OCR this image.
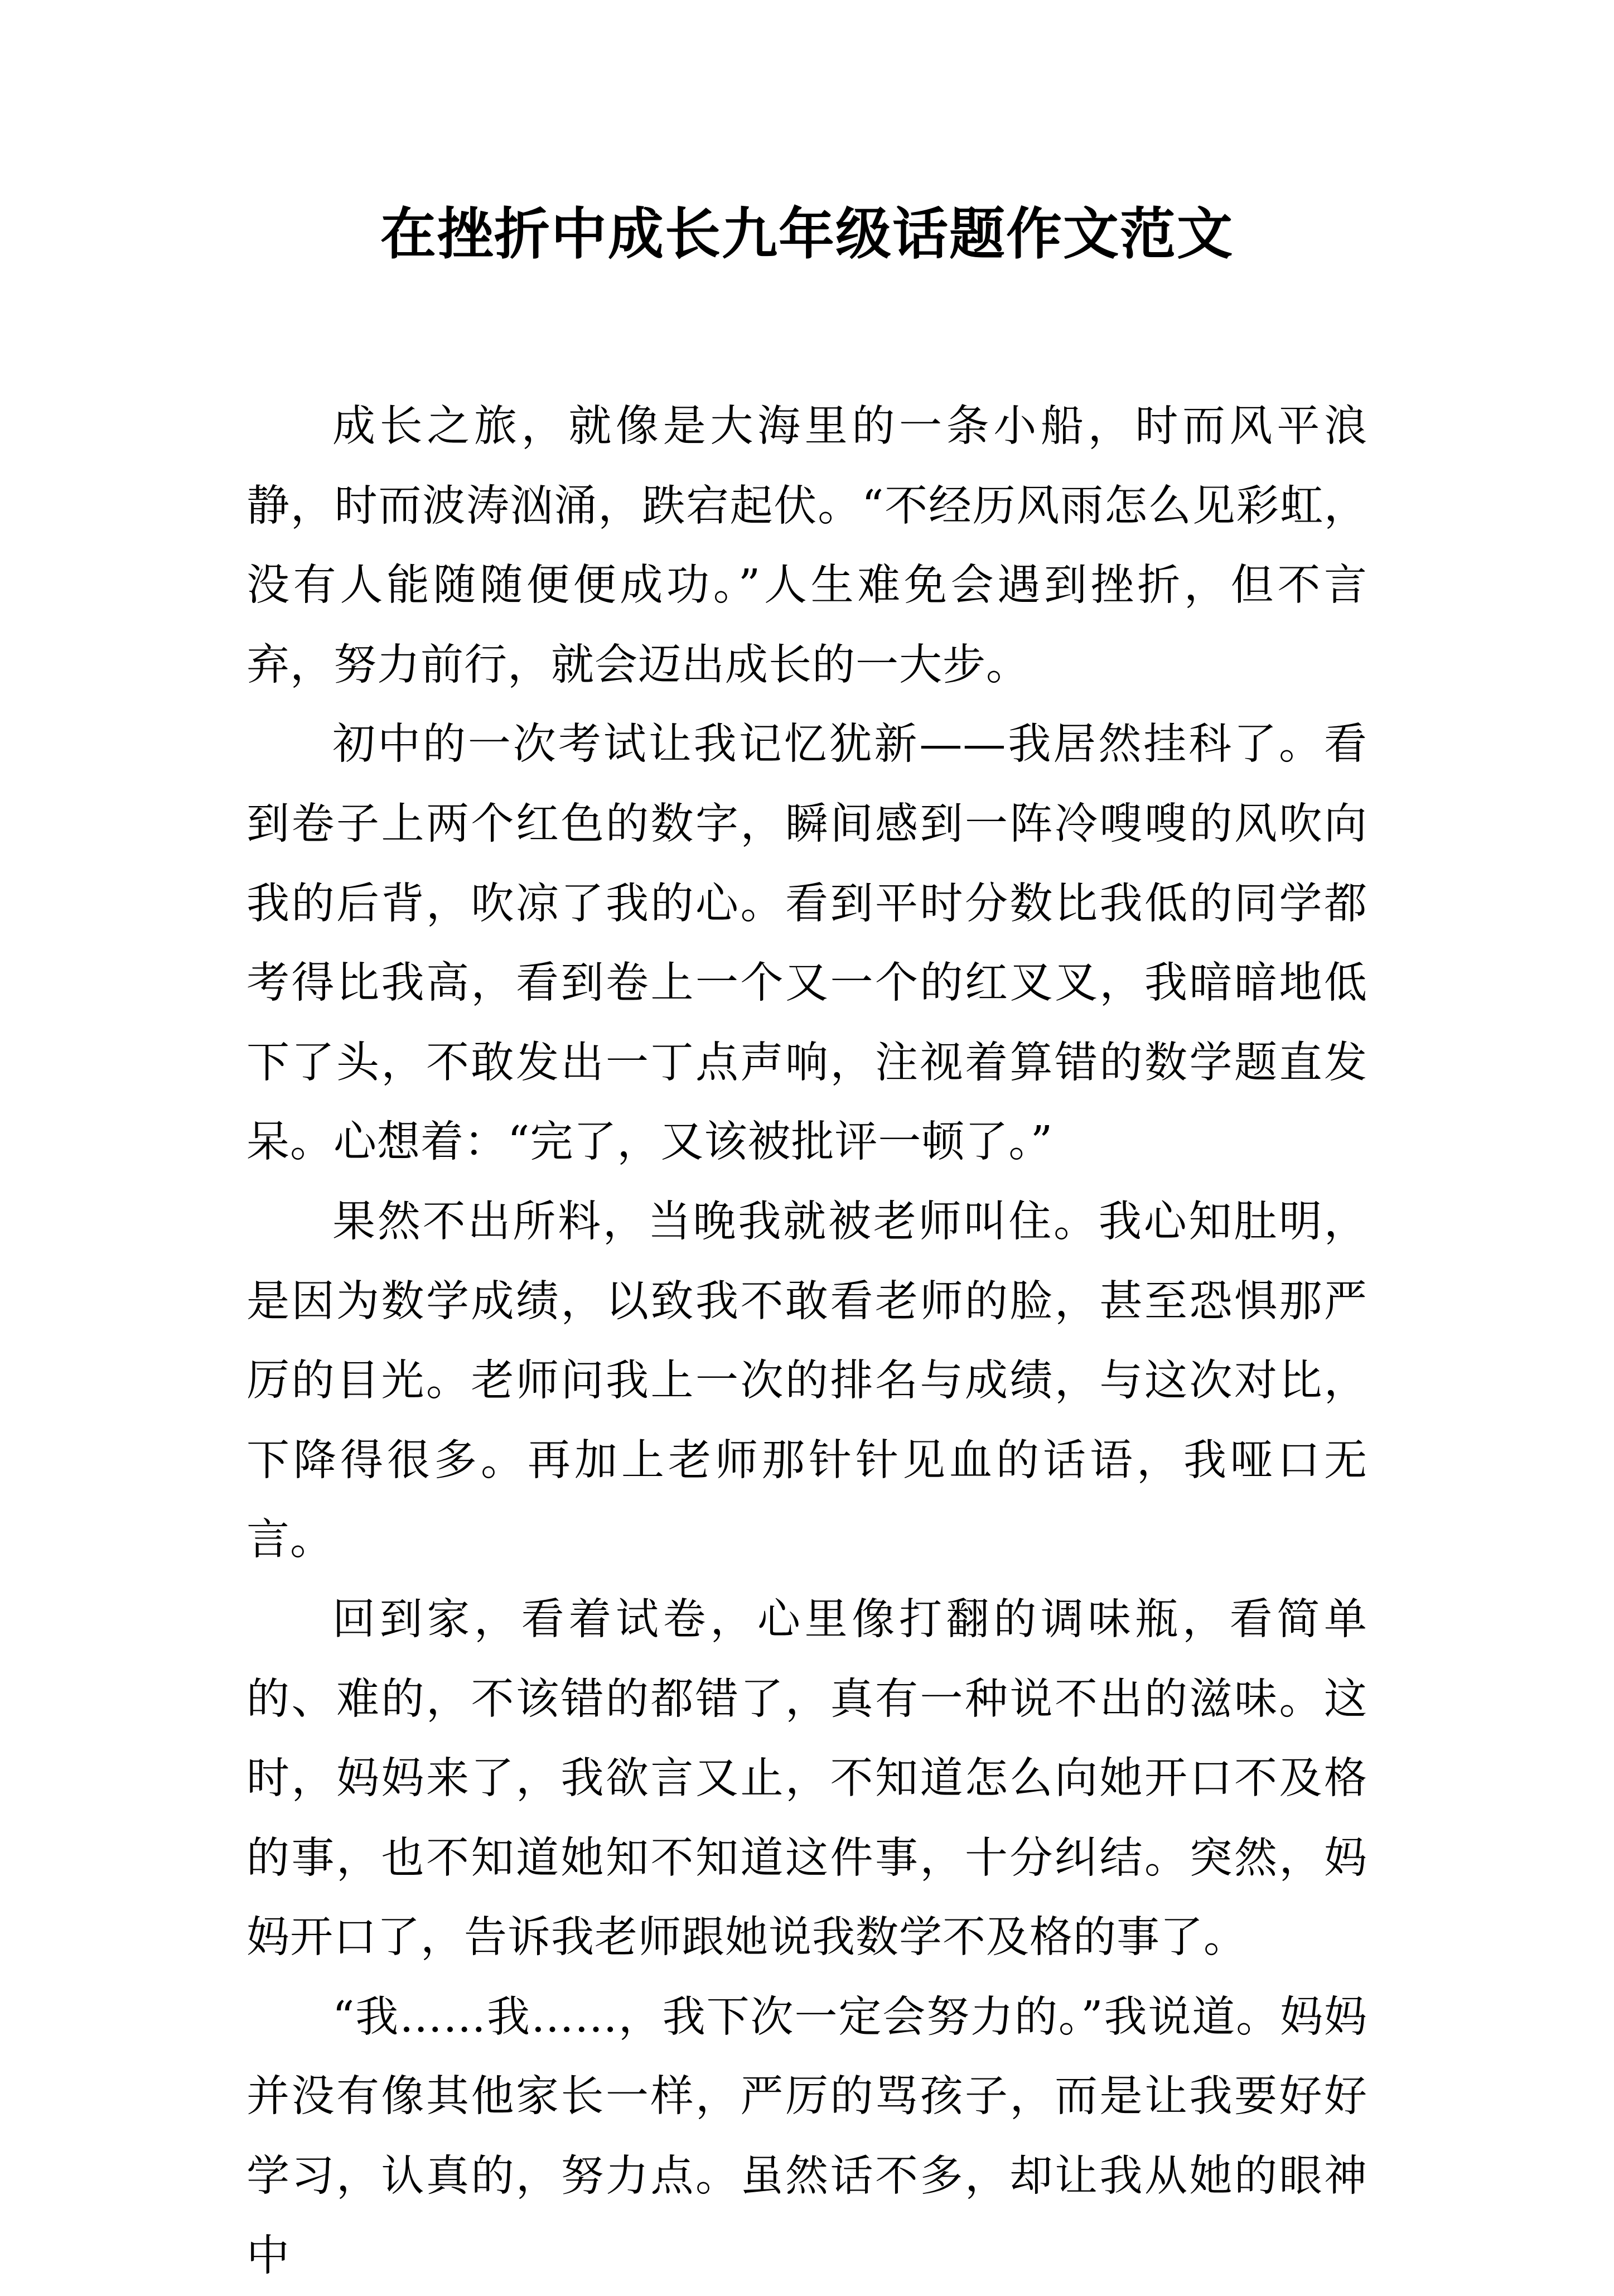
在挫折中成长九年级话题作文范文

成长之旅，就像是大海里的一条小船，时而风平浪静，时而波涛汹涌，跌宕起伏。“不经历风雨怎么见彩虹，没有人能随随便便成功。”人生难免会遇到挫折，但不言弃，努力前行，就会迈出成长的一大步。

初中的一次考试让我记忆犹新——我居然挂科了。看到卷子上两个红色的数字，瞬间感到一阵冷嗖嗖的风吹向我的后背，吹凉了我的心。看到平时分数比我低的同学都考得比我高，看到卷上一个又一个的红叉叉，我暗暗地低下了头，不敢发出一丁点声响，注视着算错的数学题直发呆。心想着：“完了，又该被批评一顿了。”

果然不出所料，当晚我就被老师叫住。我心知肚明，是因为数学成绩，以致我不敢看老师的脸，甚至恐惧那严厉的目光。老师问我上一次的排名与成绩，与这次对比，下降得很多。再加上老师那针针见血的话语，我哑口无言。

回到家，看着试卷，心里像打翻的调味瓶，看简单的、难的，不该错的都错了，真有一种说不出的滋味。这时，妈妈来了，我欲言又止，不知道怎么向她开口不及格的事，也不知道她知不知道这件事，十分纠结。突然，妈妈开口了，告诉我老师跟她说我数学不及格的事了。

“我……我……，我下次一定会努力的。”我说道。妈妈并没有像其他家长一样，严厉的骂孩子，而是让我要好好学习，认真的，努力点。虽然话不多，却让我从她的眼神中
